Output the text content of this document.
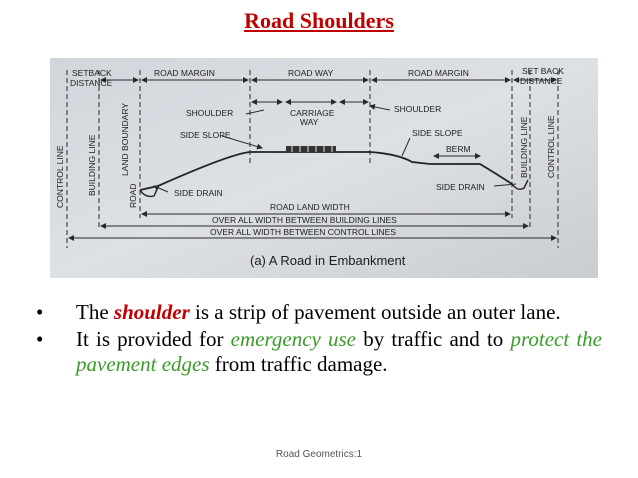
Road Shoulders
SETBACK
DISTANCE
ROAD MARGIN	ROAD WAY	ROAD MARGIN	SET BACK
DISTANCE
SHOULDER	CARRIAGE
WAY
SHOULDER
SIDE SLOPE	SIDE SLOPE
BERM
SIDE DRAIN
SIDE DRAIN
ROAD LAND WIDTH
OVER ALL WIDTH BETWEEN BUILDING LINES
OVER ALL WIDTH BETWEEN CONTROL LINES
CONTROL LINE	BUILDING LINE	LAND BOUNDARY
ROAD
BUILDING LINE CONTROL LINE
(a) A Road in Embankment
•	The shoulder is a strip of pavement outside an outer lane.
•	It is provided for emergency use by traffic and to protect the pavement edges from traffic damage.
Road Geometrics:1
